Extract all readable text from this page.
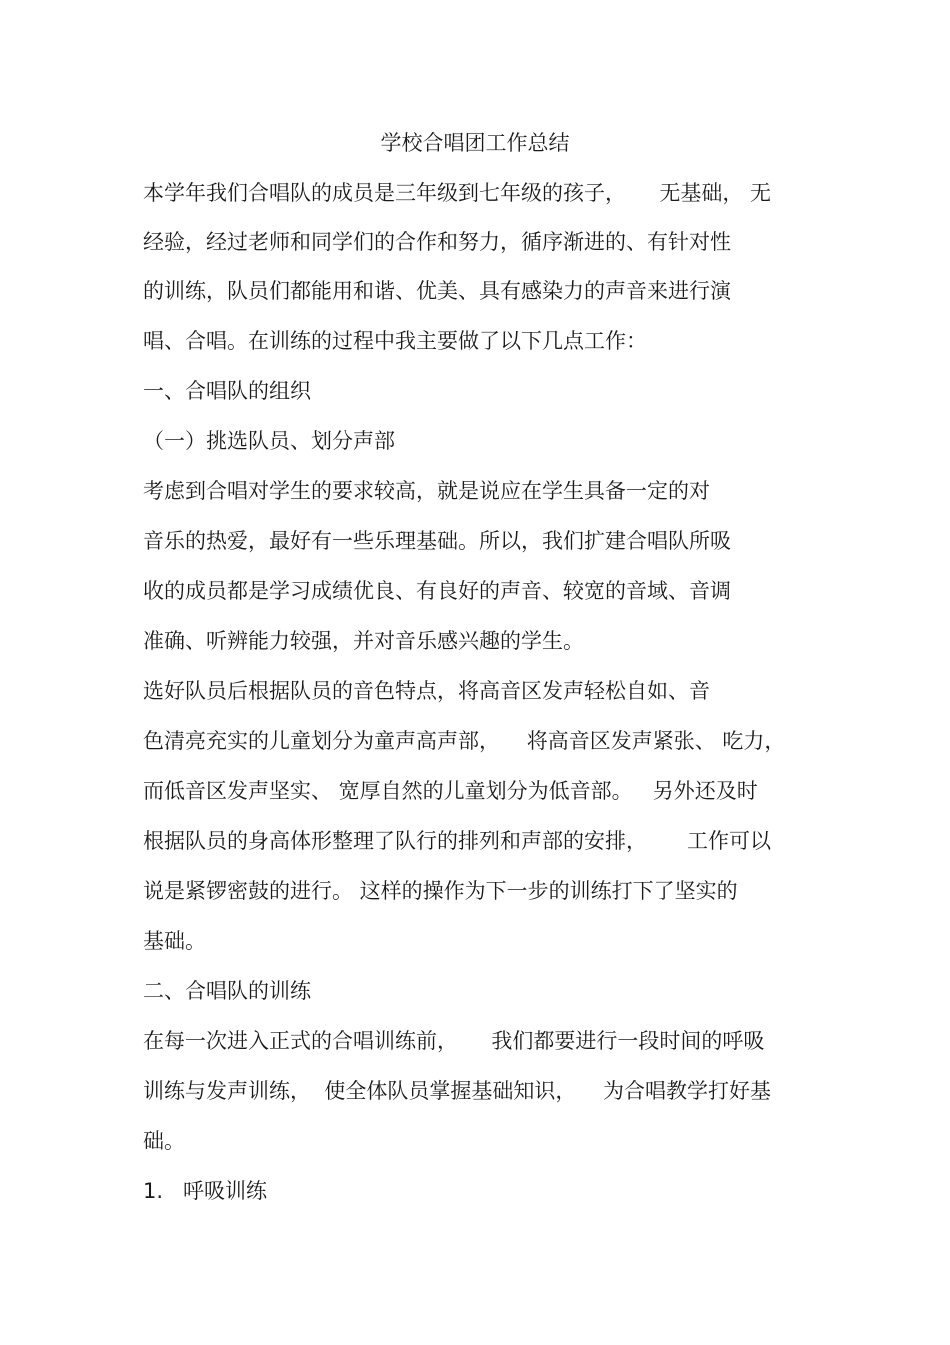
学校合唱团工作总结
本学年我们合唱队的成员是三年级到七年级的孩子，     无基础， 无
经验，经过老师和同学们的合作和努力，循序渐进的、有针对性
的训练，队员们都能用和谐、优美、具有感染力的声音来进行演
唱、合唱。在训练的过程中我主要做了以下几点工作：
一、合唱队的组织
（一）挑选队员、划分声部
考虑到合唱对学生的要求较高，就是说应在学生具备一定的对
音乐的热爱，最好有一些乐理基础。所以，我们扩建合唱队所吸
收的成员都是学习成绩优良、有良好的声音、较宽的音域、音调
准确、听辨能力较强，并对音乐感兴趣的学生。
选好队员后根据队员的音色特点，将高音区发声轻松自如、音
色清亮充实的儿童划分为童声高声部，    将高音区发声紧张、 吃力，
而低音区发声坚实、 宽厚自然的儿童划分为低音部。   另外还及时
根据队员的身高体形整理了队行的排列和声部的安排，      工作可以
说是紧锣密鼓的进行。 这样的操作为下一步的训练打下了坚实的
基础。
二、合唱队的训练
在每一次进入正式的合唱训练前，     我们都要进行一段时间的呼吸
训练与发声训练，  使全体队员掌握基础知识，    为合唱教学打好基
础。
1.   呼吸训练
